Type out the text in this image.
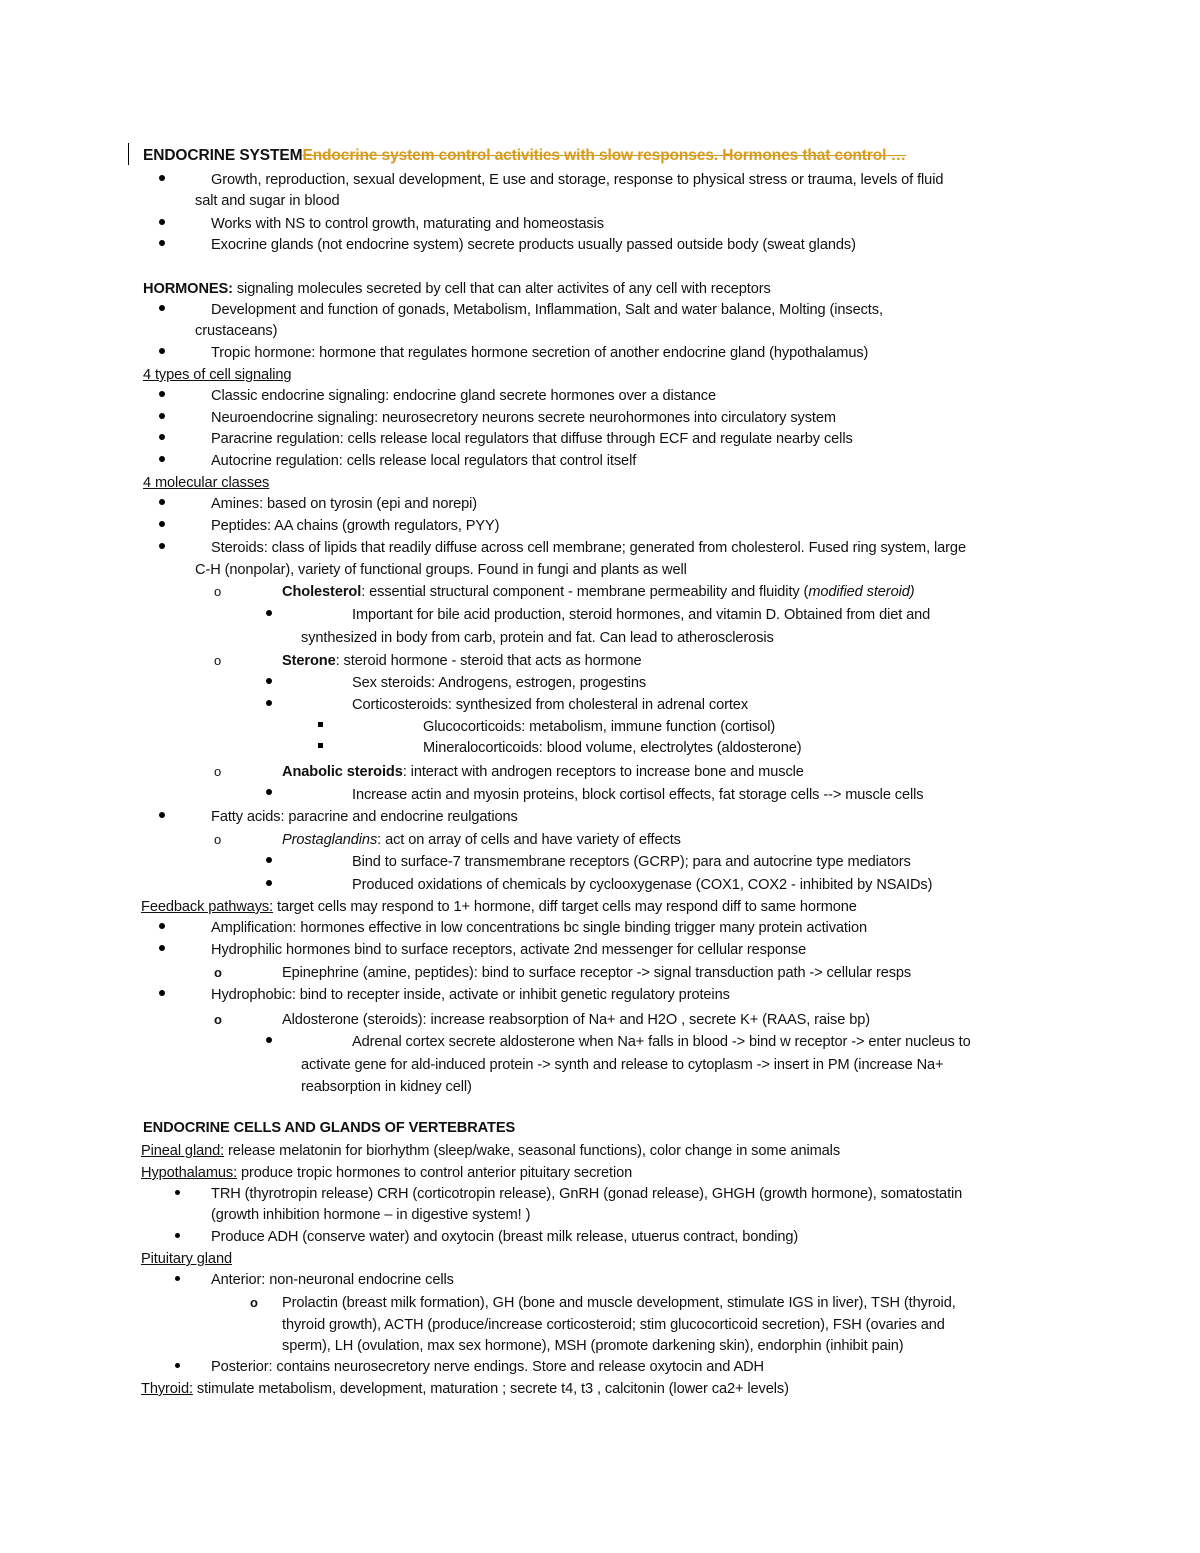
ENDOCRINE SYSTEMEndocrine system control activities with slow responses. Hormones that control …
Growth, reproduction, sexual development, E use and storage, response to physical stress or trauma, levels of fluid
salt and sugar in blood
Works with NS to control growth, maturating and homeostasis
Exocrine glands (not endocrine system) secrete products usually passed outside body (sweat glands)
HORMONES: signaling molecules secreted by cell that can alter activites of any cell with receptors
Development and function of gonads, Metabolism, Inflammation, Salt and water balance, Molting (insects,
crustaceans)
Tropic hormone: hormone that regulates hormone secretion of another endocrine gland (hypothalamus)
4 types of cell signaling
Classic endocrine signaling: endocrine gland secrete hormones over a distance
Neuroendocrine signaling: neurosecretory neurons secrete neurohormones into circulatory system
Paracrine regulation: cells release local regulators that diffuse through ECF and regulate nearby cells
Autocrine regulation: cells release local regulators that control itself
4 molecular classes
Amines: based on tyrosin (epi and norepi)
Peptides: AA chains (growth regulators, PYY)
Steroids: class of lipids that readily diffuse across cell membrane; generated from cholesterol. Fused ring system, large
C-H (nonpolar), variety of functional groups. Found in fungi and plants as well
o	Cholesterol: essential structural component - membrane permeability and fluidity (modified steroid)
Important for bile acid production, steroid hormones, and vitamin D. Obtained from diet and
synthesized in body from carb, protein and fat. Can lead to atherosclerosis
o	Sterone: steroid hormone - steroid that acts as hormone
Sex steroids: Androgens, estrogen, progestins
Corticosteroids: synthesized from cholesteral in adrenal cortex
Glucocorticoids: metabolism, immune function (cortisol)
Mineralocorticoids: blood volume, electrolytes (aldosterone)
o	Anabolic steroids: interact with androgen receptors to increase bone and muscle
Increase actin and myosin proteins, block cortisol effects, fat storage cells --> muscle cells
Fatty acids: paracrine and endocrine reulgations
o	Prostaglandins: act on array of cells and have variety of effects
Bind to surface-7 transmembrane receptors (GCRP); para and autocrine type mediators
Produced oxidations of chemicals by cyclooxygenase (COX1, COX2 - inhibited by NSAIDs)
Feedback pathways: target cells may respond to 1+ hormone, diff target cells may respond diff to same hormone
Amplification: hormones effective in low concentrations bc single binding trigger many protein activation
Hydrophilic hormones bind to surface receptors, activate 2nd messenger for cellular response
o	Epinephrine (amine, peptides): bind to surface receptor -> signal transduction path -> cellular resps
Hydrophobic: bind to recepter inside, activate or inhibit genetic regulatory proteins
o	Aldosterone (steroids): increase reabsorption of Na+ and H2O , secrete K+ (RAAS, raise bp)
Adrenal cortex secrete aldosterone when Na+ falls in blood -> bind w receptor -> enter nucleus to
activate gene for ald-induced protein -> synth and release to cytoplasm -> insert in PM (increase Na+
reabsorption in kidney cell)
ENDOCRINE CELLS AND GLANDS OF VERTEBRATES
Pineal gland: release melatonin for biorhythm (sleep/wake, seasonal functions), color change in some animals
Hypothalamus: produce tropic hormones to control anterior pituitary secretion
TRH (thyrotropin release) CRH (corticotropin release), GnRH (gonad release), GHGH (growth hormone), somatostatin
(growth inhibition hormone – in digestive system! )
Produce ADH (conserve water) and oxytocin (breast milk release, utuerus contract, bonding)
Pituitary gland
Anterior: non-neuronal endocrine cells
o Prolactin (breast milk formation), GH (bone and muscle development, stimulate IGS in liver), TSH (thyroid,
thyroid growth), ACTH (produce/increase corticosteroid; stim glucocorticoid secretion), FSH (ovaries and
sperm), LH (ovulation, max sex hormone), MSH (promote darkening skin), endorphin (inhibit pain)
Posterior: contains neurosecretory nerve endings. Store and release oxytocin and ADH
Thyroid: stimulate metabolism, development, maturation ; secrete t4, t3 , calcitonin (lower ca2+ levels)
